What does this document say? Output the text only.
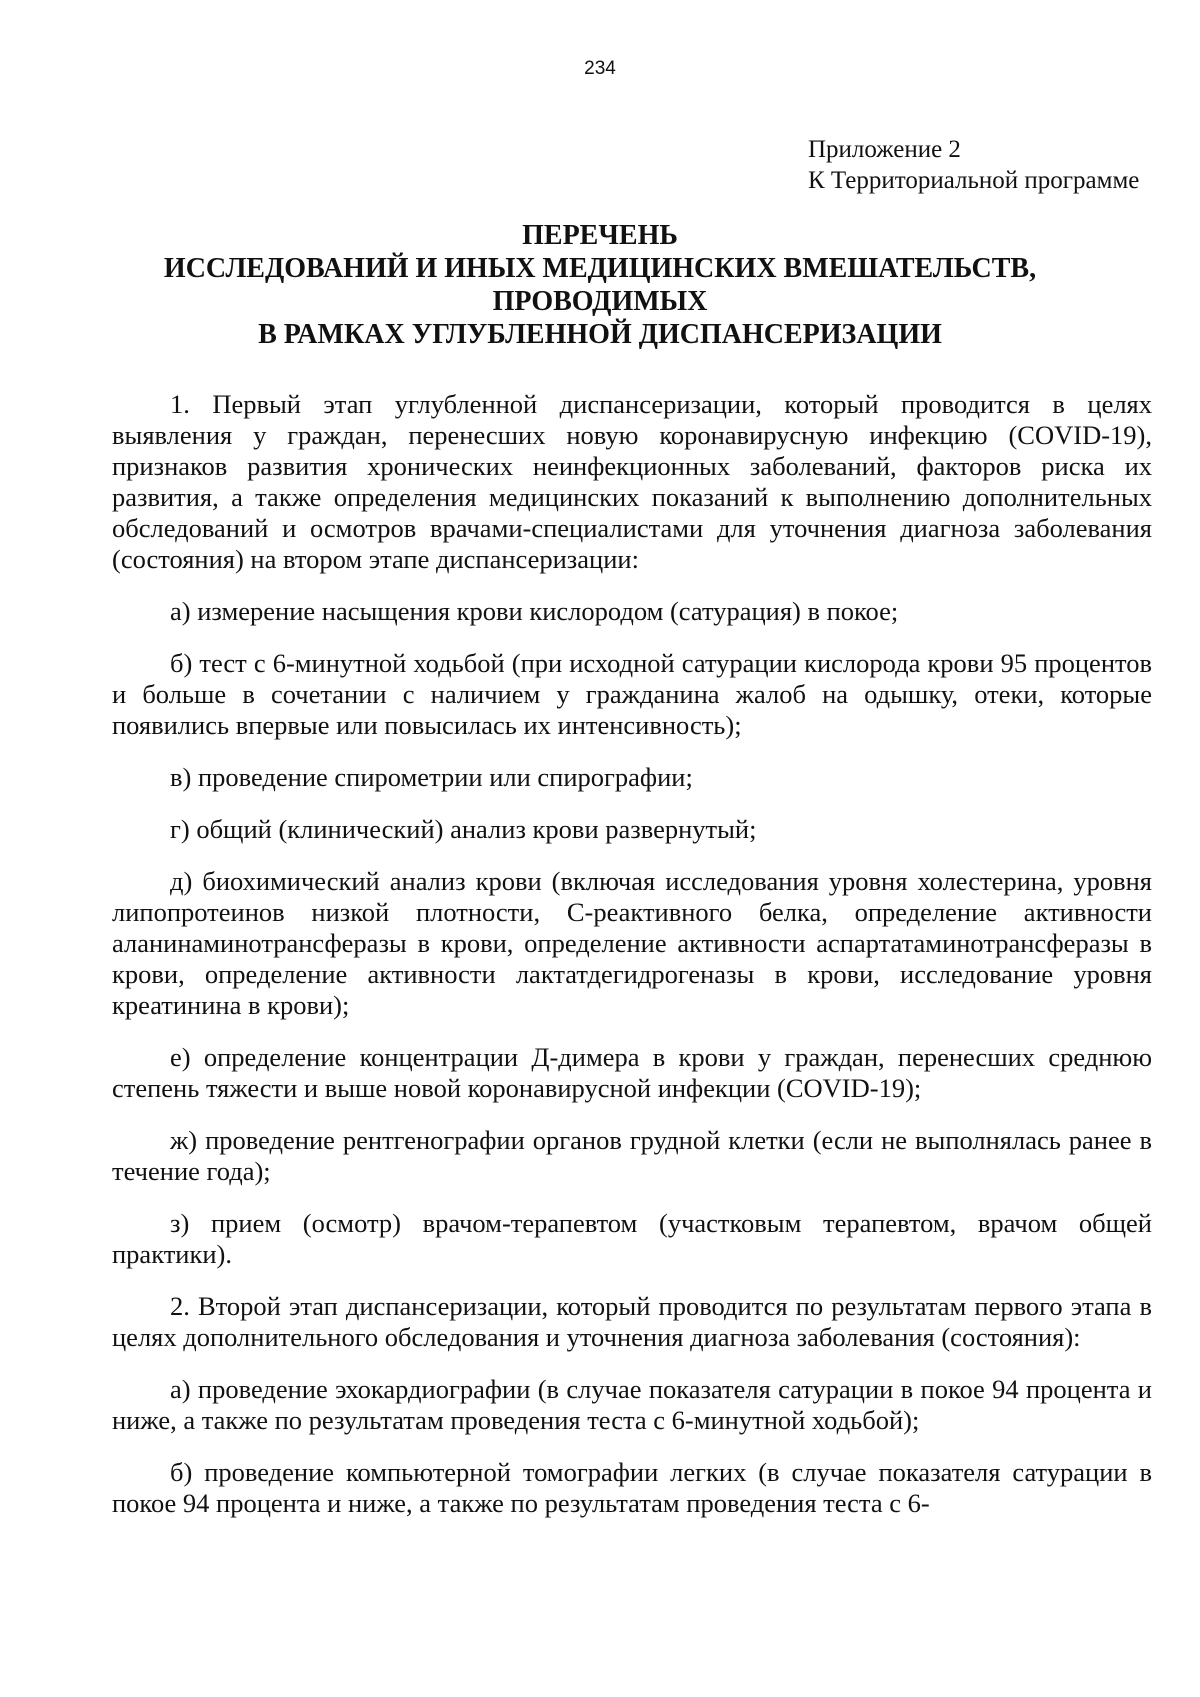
234
Приложение 2
К Территориальной программе
ПЕРЕЧЕНЬ
ИССЛЕДОВАНИЙ И ИНЫХ МЕДИЦИНСКИХ ВМЕШАТЕЛЬСТВ,
ПРОВОДИМЫХ
В РАМКАХ УГЛУБЛЕННОЙ ДИСПАНСЕРИЗАЦИИ

1. Первый этап углубленной диспансеризации, который проводится в целях выявления у граждан, перенесших новую коронавирусную инфекцию (COVID-19), признаков развития хронических неинфекционных заболеваний, факторов риска их развития, а также определения медицинских показаний к выполнению дополнительных обследований и осмотров врачами-специалистами для уточнения диагноза заболевания (состояния) на втором этапе диспансеризации:

а) измерение насыщения крови кислородом (сатурация) в покое;

б) тест с 6-минутной ходьбой (при исходной сатурации кислорода крови 95 процентов и больше в сочетании с наличием у гражданина жалоб на одышку, отеки, которые появились впервые или повысилась их интенсивность);

в) проведение спирометрии или спирографии;

г) общий (клинический) анализ крови развернутый;

д) биохимический анализ крови (включая исследования уровня холестерина, уровня липопротеинов низкой плотности, С-реактивного белка, определение активности аланинаминотрансферазы в крови, определение активности аспартатаминотрансферазы в крови, определение активности лактатдегидрогеназы в крови, исследование уровня креатинина в крови);

е) определение концентрации Д-димера в крови у граждан, перенесших среднюю степень тяжести и выше новой коронавирусной инфекции (COVID-19);

ж) проведение рентгенографии органов грудной клетки (если не выполнялась ранее в течение года);

з) прием (осмотр) врачом-терапевтом (участковым терапевтом, врачом общей практики).

2. Второй этап диспансеризации, который проводится по результатам первого этапа в целях дополнительного обследования и уточнения диагноза заболевания (состояния):

а) проведение эхокардиографии (в случае показателя сатурации в покое 94 процента и ниже, а также по результатам проведения теста с 6-минутной ходьбой);

б) проведение компьютерной томографии легких (в случае показателя сатурации в покое 94 процента и ниже, а также по результатам проведения теста с 6-
